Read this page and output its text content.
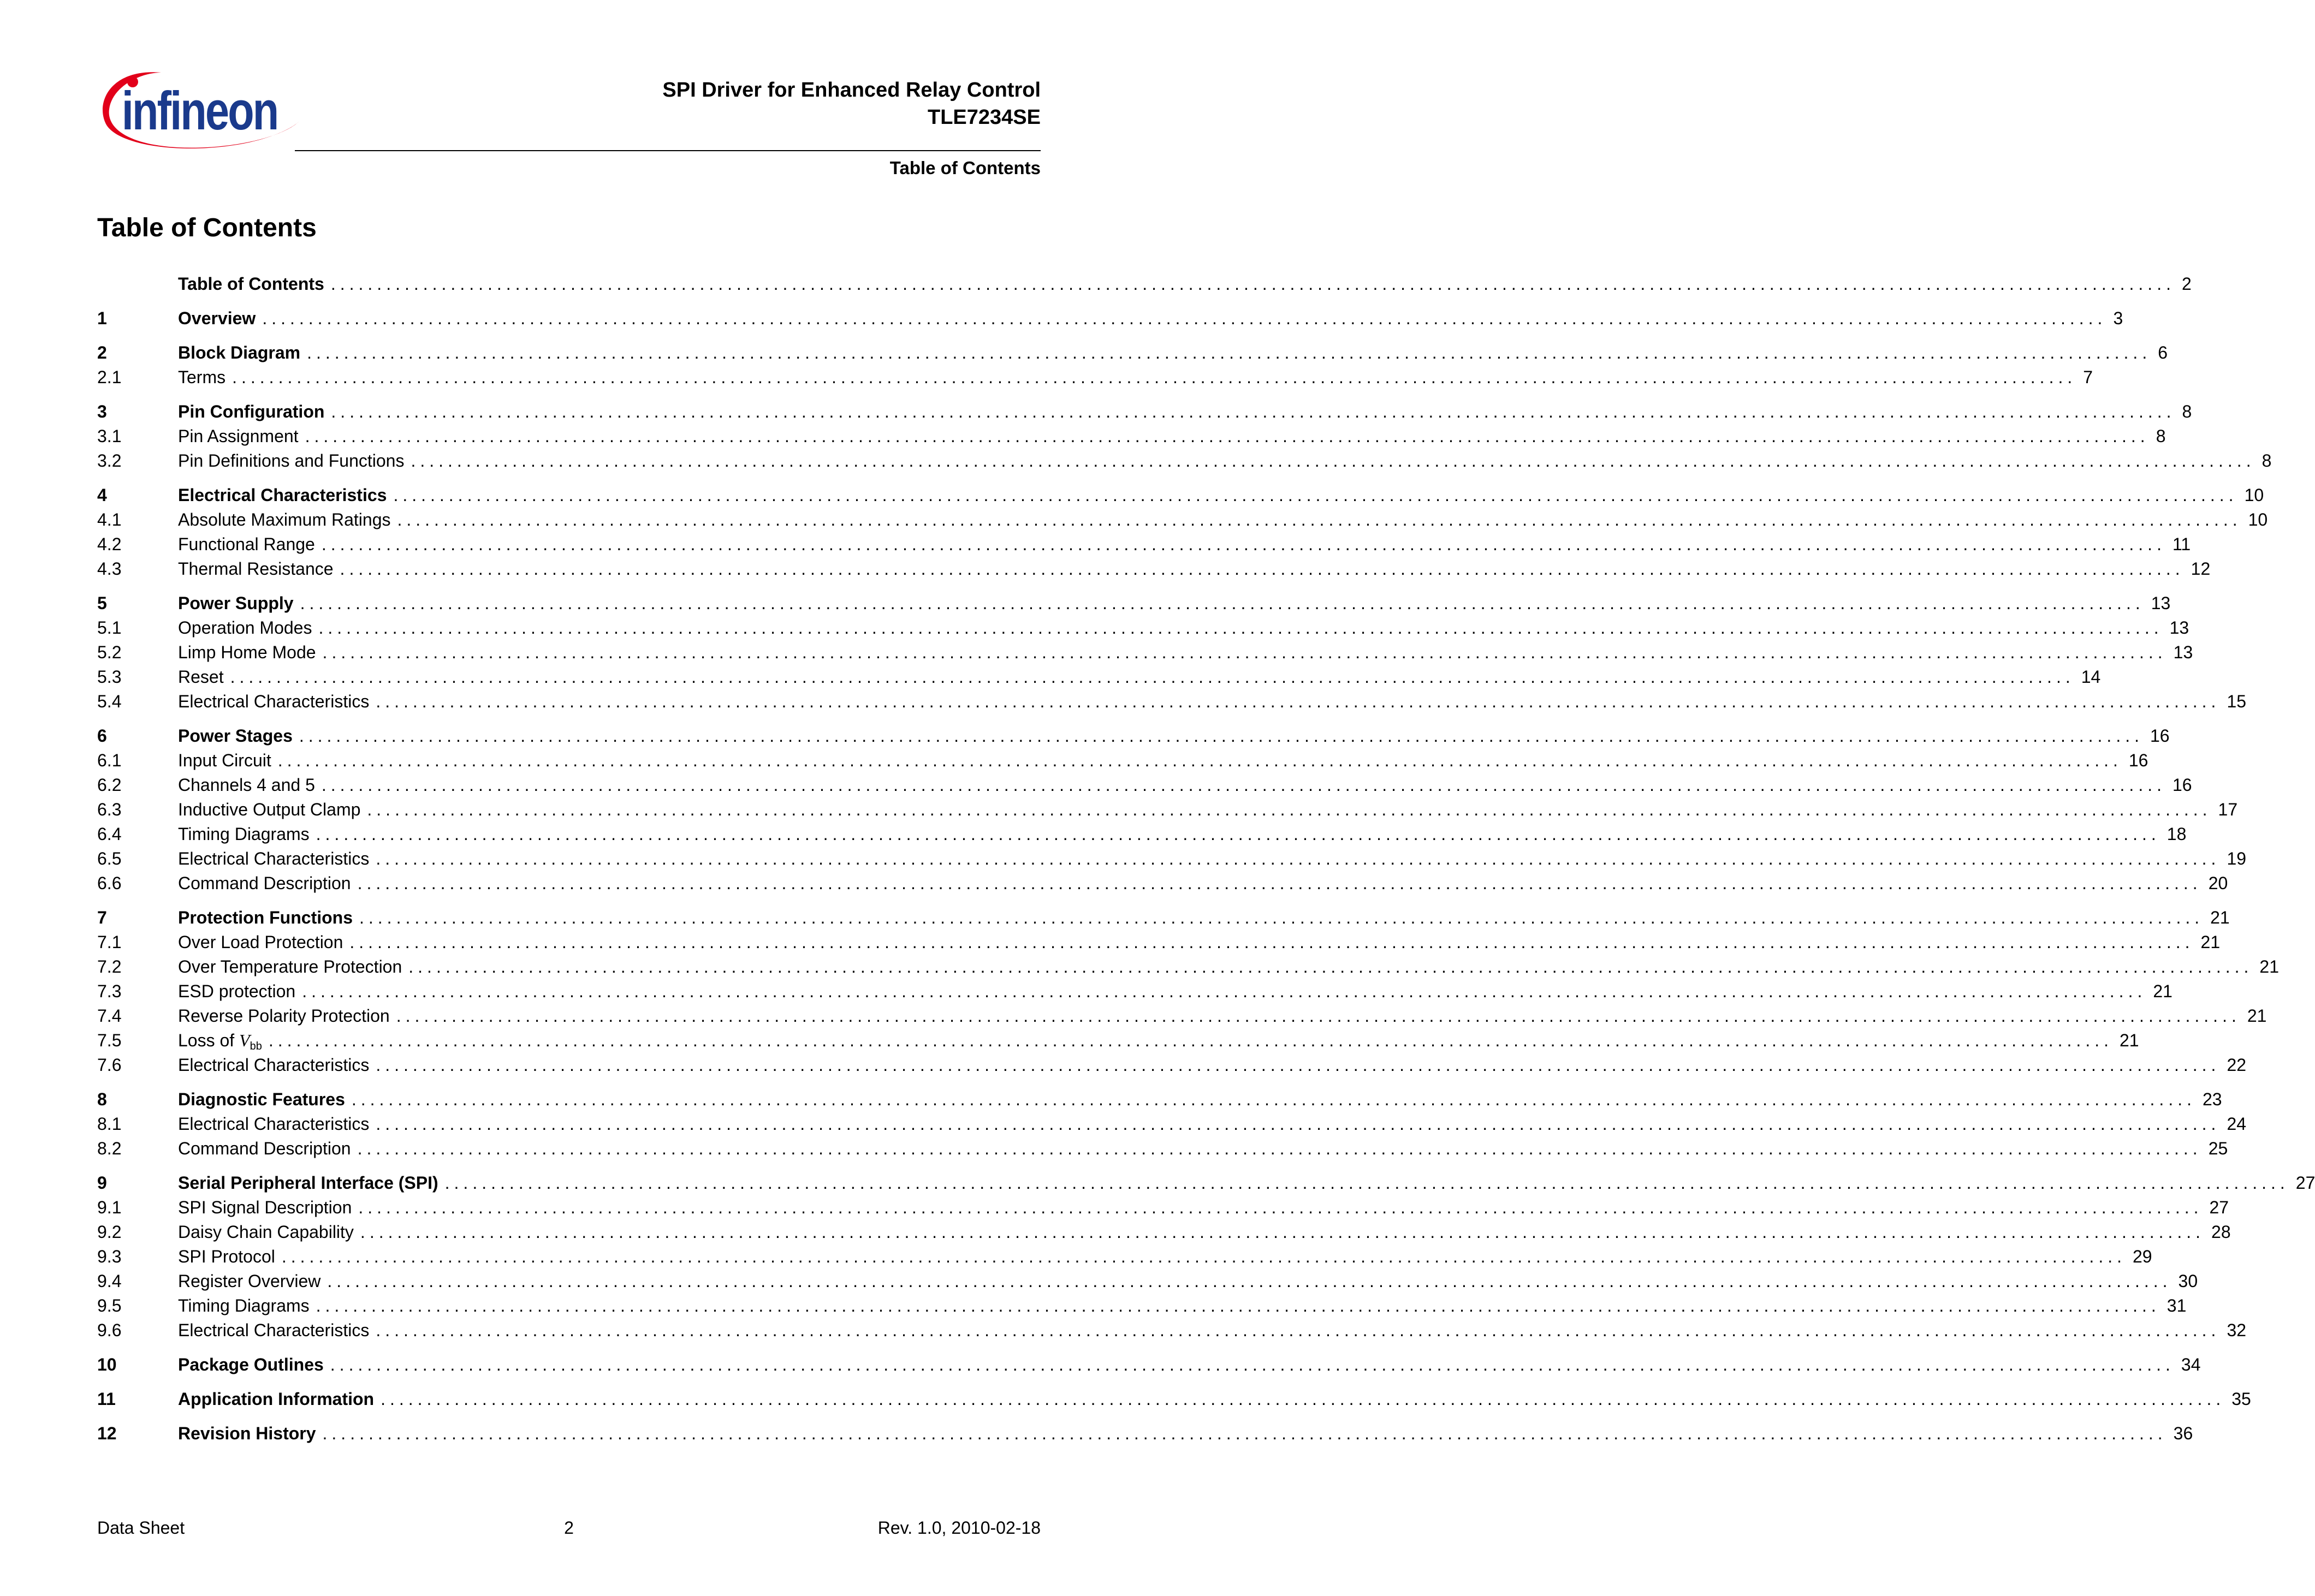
infineon	SPI Driver for Enhanced Relay Control
TLE7234SE
Table of Contents
Table of Contents
Table of Contents ........................................................................................................................................................................................................ 2
1	Overview ........................................................................................................................................................................................................ 3
2	Block Diagram ........................................................................................................................................................................................................ 6
2.1	Terms ........................................................................................................................................................................................................ 7
3	Pin Configuration ........................................................................................................................................................................................................ 8
3.1	Pin Assignment ........................................................................................................................................................................................................ 8
3.2	Pin Definitions and Functions ........................................................................................................................................................................................................ 8
4	Electrical Characteristics ........................................................................................................................................................................................................ 10
4.1	Absolute Maximum Ratings ........................................................................................................................................................................................................ 10
4.2	Functional Range ........................................................................................................................................................................................................ 11
4.3	Thermal Resistance ........................................................................................................................................................................................................ 12
5	Power Supply ........................................................................................................................................................................................................ 13
5.1	Operation Modes ........................................................................................................................................................................................................ 13
5.2	Limp Home Mode ........................................................................................................................................................................................................ 13
5.3	Reset ........................................................................................................................................................................................................ 14
5.4	Electrical Characteristics ........................................................................................................................................................................................................ 15
6	Power Stages ........................................................................................................................................................................................................ 16
6.1	Input Circuit ........................................................................................................................................................................................................ 16
6.2	Channels 4 and 5 ........................................................................................................................................................................................................ 16
6.3	Inductive Output Clamp ........................................................................................................................................................................................................ 17
6.4	Timing Diagrams ........................................................................................................................................................................................................ 18
6.5	Electrical Characteristics ........................................................................................................................................................................................................ 19
6.6	Command Description ........................................................................................................................................................................................................ 20
7	Protection Functions ........................................................................................................................................................................................................ 21
7.1	Over Load Protection ........................................................................................................................................................................................................ 21
7.2	Over Temperature Protection ........................................................................................................................................................................................................ 21
7.3	ESD protection ........................................................................................................................................................................................................ 21
7.4	Reverse Polarity Protection ........................................................................................................................................................................................................ 21
7.5	Loss of $V_{bb}$ ........................................................................................................................................................................................................ 21
7.6	Electrical Characteristics ........................................................................................................................................................................................................ 22
8	Diagnostic Features ........................................................................................................................................................................................................ 23
8.1	Electrical Characteristics ........................................................................................................................................................................................................ 24
8.2	Command Description ........................................................................................................................................................................................................ 25
9	Serial Peripheral Interface (SPI) ........................................................................................................................................................................................................ 27
9.1	SPI Signal Description ........................................................................................................................................................................................................ 27
9.2	Daisy Chain Capability ........................................................................................................................................................................................................ 28
9.3	SPI Protocol ........................................................................................................................................................................................................ 29
9.4	Register Overview ........................................................................................................................................................................................................ 30
9.5	Timing Diagrams ........................................................................................................................................................................................................ 31
9.6	Electrical Characteristics ........................................................................................................................................................................................................ 32
10	Package Outlines ........................................................................................................................................................................................................ 34
11	Application Information ........................................................................................................................................................................................................ 35
12	Revision History ........................................................................................................................................................................................................ 36
Data Sheet	2	Rev. 1.0, 2010-02-18
